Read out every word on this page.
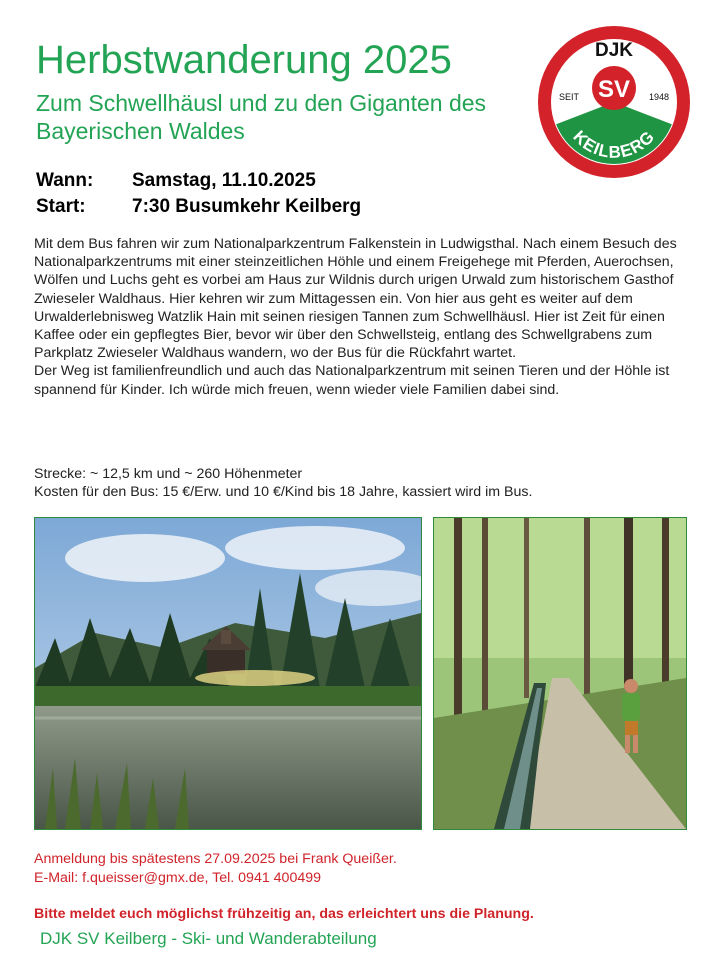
Herbstwanderung 2025
Zum Schwellhäusl und zu den Giganten des Bayerischen Waldes
DJK
SV
SEIT	1948
KEILBERG
Wann: Samstag, 11.10.2025
Start: 7:30 Busumkehr Keilberg

Mit dem Bus fahren wir zum Nationalparkzentrum Falkenstein in Ludwigsthal. Nach einem Besuch des Nationalparkzentrums mit einer steinzeitlichen Höhle und einem Freigehege mit Pferden, Auerochsen, Wölfen und Luchs geht es vorbei am Haus zur Wildnis durch urigen Urwald zum historischem Gasthof Zwieseler Waldhaus. Hier kehren wir zum Mittagessen ein. Von hier aus geht es weiter auf dem Urwalderlebnisweg Watzlik Hain mit seinen riesigen Tannen zum Schwellhäusl. Hier ist Zeit für einen Kaffee oder ein gepflegtes Bier, bevor wir über den Schwellsteig, entlang des Schwellgrabens zum Parkplatz Zwieseler Waldhaus wandern, wo der Bus für die Rückfahrt wartet.

Der Weg ist familienfreundlich und auch das Nationalparkzentrum mit seinen Tieren und der Höhle ist spannend für Kinder. Ich würde mich freuen, wenn wieder viele Familien dabei sind.

Strecke: ~ 12,5 km und ~ 260 Höhenmeter
Kosten für den Bus: 15 €/Erw. und 10 €/Kind bis 18 Jahre, kassiert wird im Bus.
Anmeldung bis spätestens 27.09.2025 bei Frank Queißer.
E-Mail: f.queisser@gmx.de, Tel. 0941 400499
Bitte meldet euch möglichst frühzeitig an, das erleichtert uns die Planung.
DJK SV Keilberg - Ski- und Wanderabteilung
